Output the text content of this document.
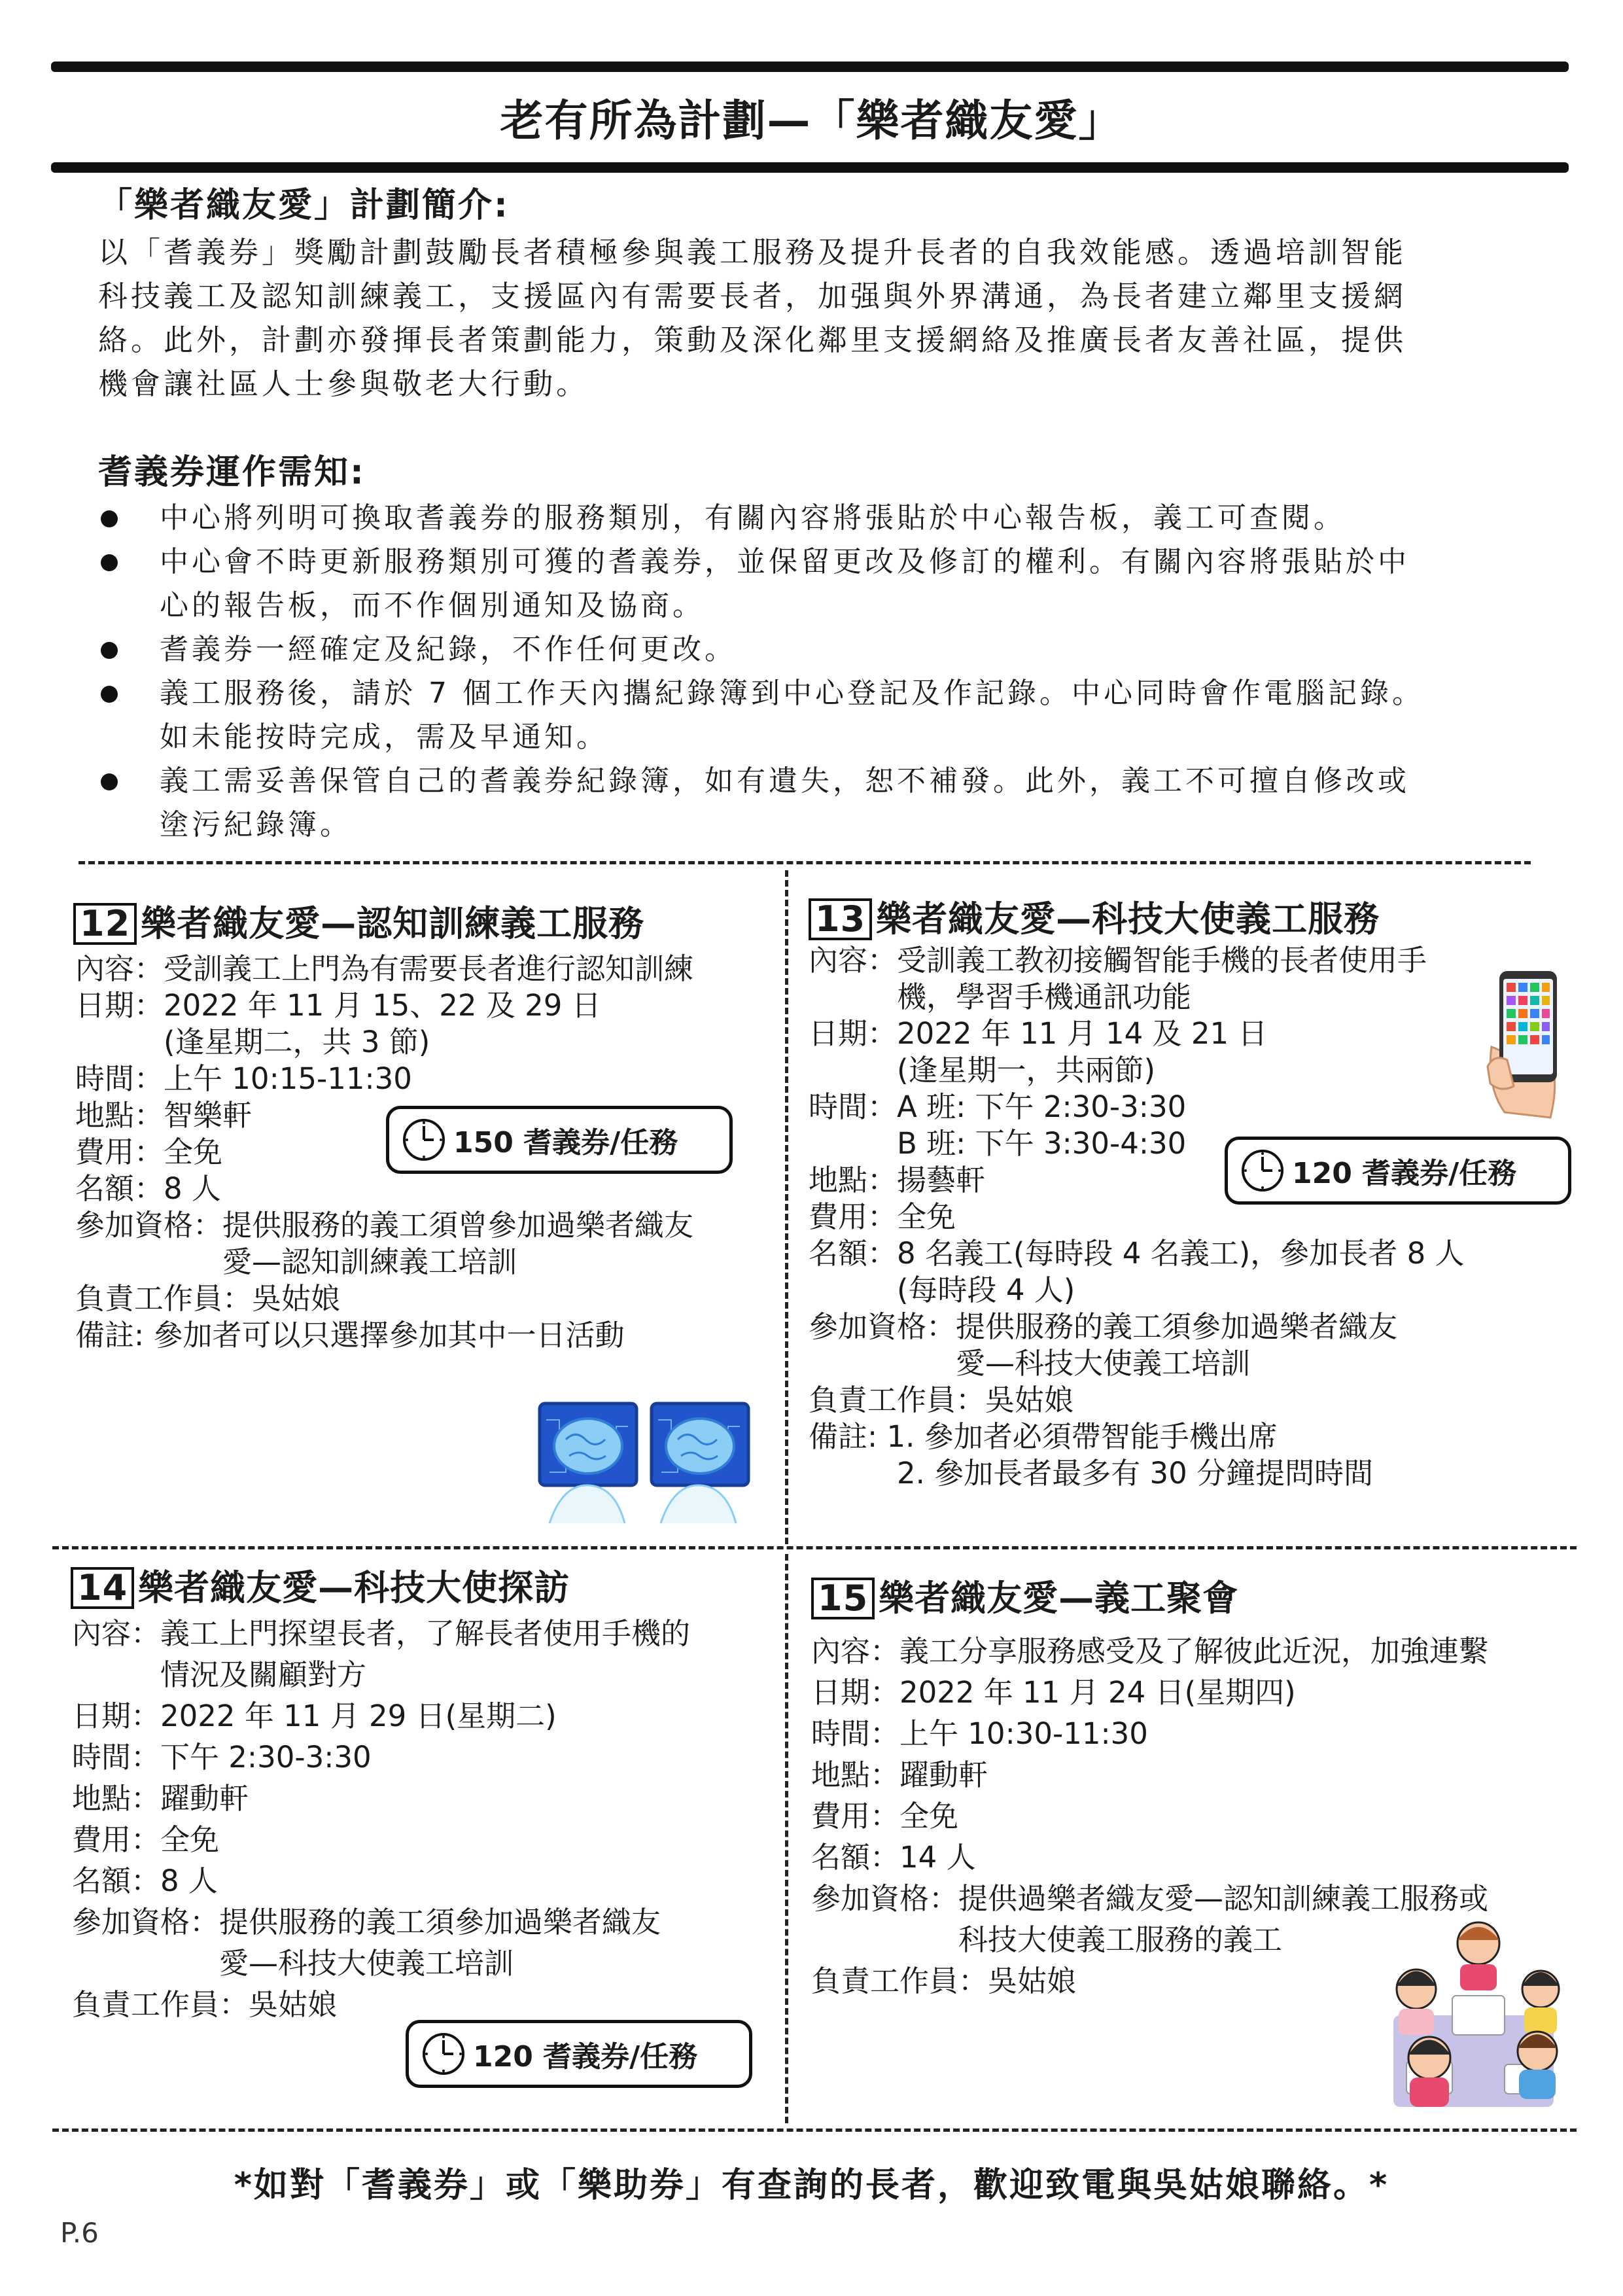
老有所為計劃—「樂者織友愛」
「樂者織友愛」計劃簡介:
以「耆義券」獎勵計劃鼓勵長者積極參與義工服務及提升長者的自我效能感。透過培訓智能
科技義工及認知訓練義工，支援區內有需要長者，加强與外界溝通，為長者建立鄰里支援網
絡。此外，計劃亦發揮長者策劃能力，策動及深化鄰里支援網絡及推廣長者友善社區，提供
機會讓社區人士參與敬老大行動。
耆義券運作需知:
中心將列明可換取耆義券的服務類別，有關內容將張貼於中心報告板，義工可查閱。
中心會不時更新服務類別可獲的耆義券，並保留更改及修訂的權利。有關內容將張貼於中
心的報告板，而不作個別通知及協商。
耆義券一經確定及紀錄，不作任何更改。
義工服務後，請於 7 個工作天內攜紀錄簿到中心登記及作記錄。中心同時會作電腦記錄。
如未能按時完成，需及早通知。
義工需妥善保管自己的耆義券紀錄簿，如有遺失，恕不補發。此外，義工不可擅自修改或
塗污紀錄簿。
12 樂者織友愛—認知訓練義工服務
內容：受訓義工上門為有需要長者進行認知訓練
日期：2022 年 11 月 15、22 及 29 日
　　　(逢星期二，共 3 節)
時間：上午 10:15-11:30
地點：智樂軒
費用：全免
名額：8 人
參加資格：提供服務的義工須曾參加過樂者織友
　　　　　愛—認知訓練義工培訓
負責工作員：吳姑娘
備註: 參加者可以只選擇參加其中一日活動
150 耆義券/任務
13 樂者織友愛—科技大使義工服務
內容：受訓義工教初接觸智能手機的長者使用手
　　　機，學習手機通訊功能
日期：2022 年 11 月 14 及 21 日
　　　(逢星期一，共兩節)
時間：A 班: 下午 2:30-3:30
　　　B 班: 下午 3:30-4:30
地點：揚藝軒
費用：全免
名額：8 名義工(每時段 4 名義工)，參加長者 8 人
　　　(每時段 4 人)
參加資格：提供服務的義工須參加過樂者織友
　　　　　愛—科技大使義工培訓
負責工作員：吳姑娘
備註: 1. 參加者必須帶智能手機出席
　　　2. 參加長者最多有 30 分鐘提問時間
120 耆義券/任務
14 樂者織友愛—科技大使探訪
內容：義工上門探望長者，了解長者使用手機的
　　　情況及關顧對方
日期：2022 年 11 月 29 日(星期二)
時間：下午 2:30-3:30
地點：躍動軒
費用：全免
名額：8 人
參加資格：提供服務的義工須參加過樂者織友
　　　　　愛—科技大使義工培訓
負責工作員：吳姑娘
120 耆義券/任務
15 樂者織友愛—義工聚會
內容：義工分享服務感受及了解彼此近況，加強連繫
日期：2022 年 11 月 24 日(星期四)
時間：上午 10:30-11:30
地點：躍動軒
費用：全免
名額：14 人
參加資格：提供過樂者織友愛—認知訓練義工服務或
　　　　　科技大使義工服務的義工
負責工作員：吳姑娘
*如對「耆義券」或「樂助券」有查詢的長者，歡迎致電與吳姑娘聯絡。*
P.6
